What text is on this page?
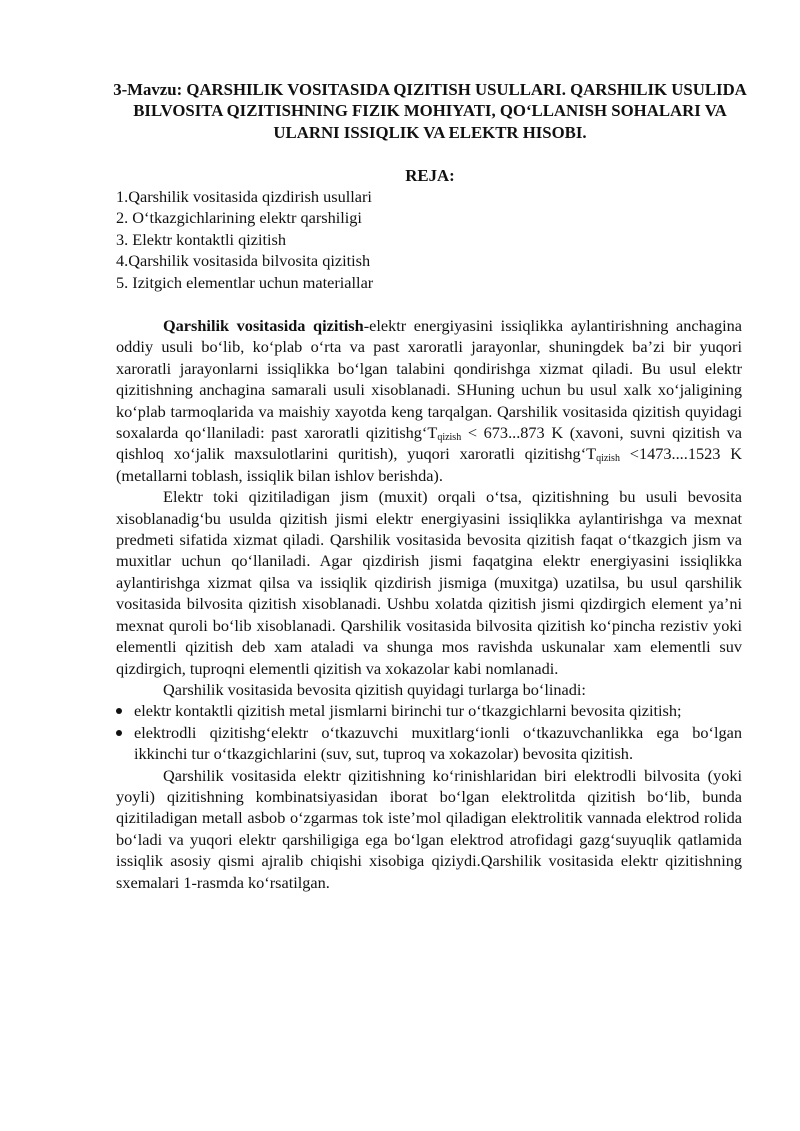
3-Mavzu: QARSHILIK VOSITASIDA QIZITISH USULLARI. QARSHILIK USULIDA BILVOSITA QIZITISHNING FIZIK MOHIYATI, QO‘LLANISH SOHALARI VA ULARNI ISSIQLIK VA ELEKTR HISOBI.
REJA:
1.Qarshilik vositasida qizdirish usullari
2. O‘tkazgichlarining elektr qarshiligi
3. Elektr kontaktli qizitish
4.Qarshilik vositasida bilvosita qizitish
5. Izitgich elementlar uchun materiallar

Qarshilik vositasida qizitish-elektr energiyasini issiqlikka aylantirishning anchagina oddiy usuli bo‘lib, ko‘plab o‘rta va past xaroratli jarayonlar, shuningdek ba’zi bir yuqori xaroratli jarayonlarni issiqlikka bo‘lgan talabini qondirishga xizmat qiladi. Bu usul elektr qizitishning anchagina samarali usuli xisoblanadi. SHuning uchun bu usul xalk xo‘jaligining ko‘plab tarmoqlarida va maishiy xayotda keng tarqalgan. Qarshilik vositasida qizitish quyidagi soxalarda qo‘llaniladi: past xaroratli $qizitishg‘T_{qizish} < 673...873$ K (xavoni, suvni qizitish va qishloq xo‘jalik maxsulotlarini quritish), yuqori xaroratli $qizitishg‘T_{qizish} <1473....1523$ K (metallarni toblash, issiqlik bilan ishlov berishda).

Elektr toki qizitiladigan jism (muxit) orqali o‘tsa, qizitishning bu usuli bevosita xisoblanadig‘bu usulda qizitish jismi elektr energiyasini issiqlikka aylantirishga va mexnat predmeti sifatida xizmat qiladi. Qarshilik vositasida bevosita qizitish faqat o‘tkazgich jism va muxitlar uchun qo‘llaniladi. Agar qizdirish jismi faqatgina elektr energiyasini issiqlikka aylantirishga xizmat qilsa va issiqlik qizdirish jismiga (muxitga) uzatilsa, bu usul qarshilik vositasida bilvosita qizitish xisoblanadi. Ushbu xolatda qizitish jismi qizdirgich element ya’ni mexnat quroli bo‘lib xisoblanadi. Qarshilik vositasida bilvosita qizitish ko‘pincha rezistiv yoki elementli qizitish deb xam ataladi va shunga mos ravishda uskunalar xam elementli suv qizdirgich, tuproqni elementli qizitish va xokazolar kabi nomlanadi.

Qarshilik vositasida bevosita qizitish quyidagi turlarga bo‘linadi:

elektr kontaktli qizitish metal jismlarni birinchi tur o‘tkazgichlarni bevosita qizitish;
elektrodli qizitishg‘elektr o‘tkazuvchi muxitlarg‘ionli o‘tkazuvchanlikka ega bo‘lgan ikkinchi tur o‘tkazgichlarini (suv, sut, tuproq va xokazolar) bevosita qizitish.

Qarshilik vositasida elektr qizitishning ko‘rinishlaridan biri elektrodli bilvosita (yoki yoyli) qizitishning kombinatsiyasidan iborat bo‘lgan elektrolitda qizitish bo‘lib, bunda qizitiladigan metall asbob o‘zgarmas tok iste’mol qiladigan elektrolitik vannada elektrod rolida bo‘ladi va yuqori elektr qarshiligiga ega bo‘lgan elektrod atrofidagi gazg‘suyuqlik qatlamida issiqlik asosiy qismi ajralib chiqishi xisobiga qiziydi.Qarshilik vositasida elektr qizitishning sxemalari 1-rasmda ko‘rsatilgan.
